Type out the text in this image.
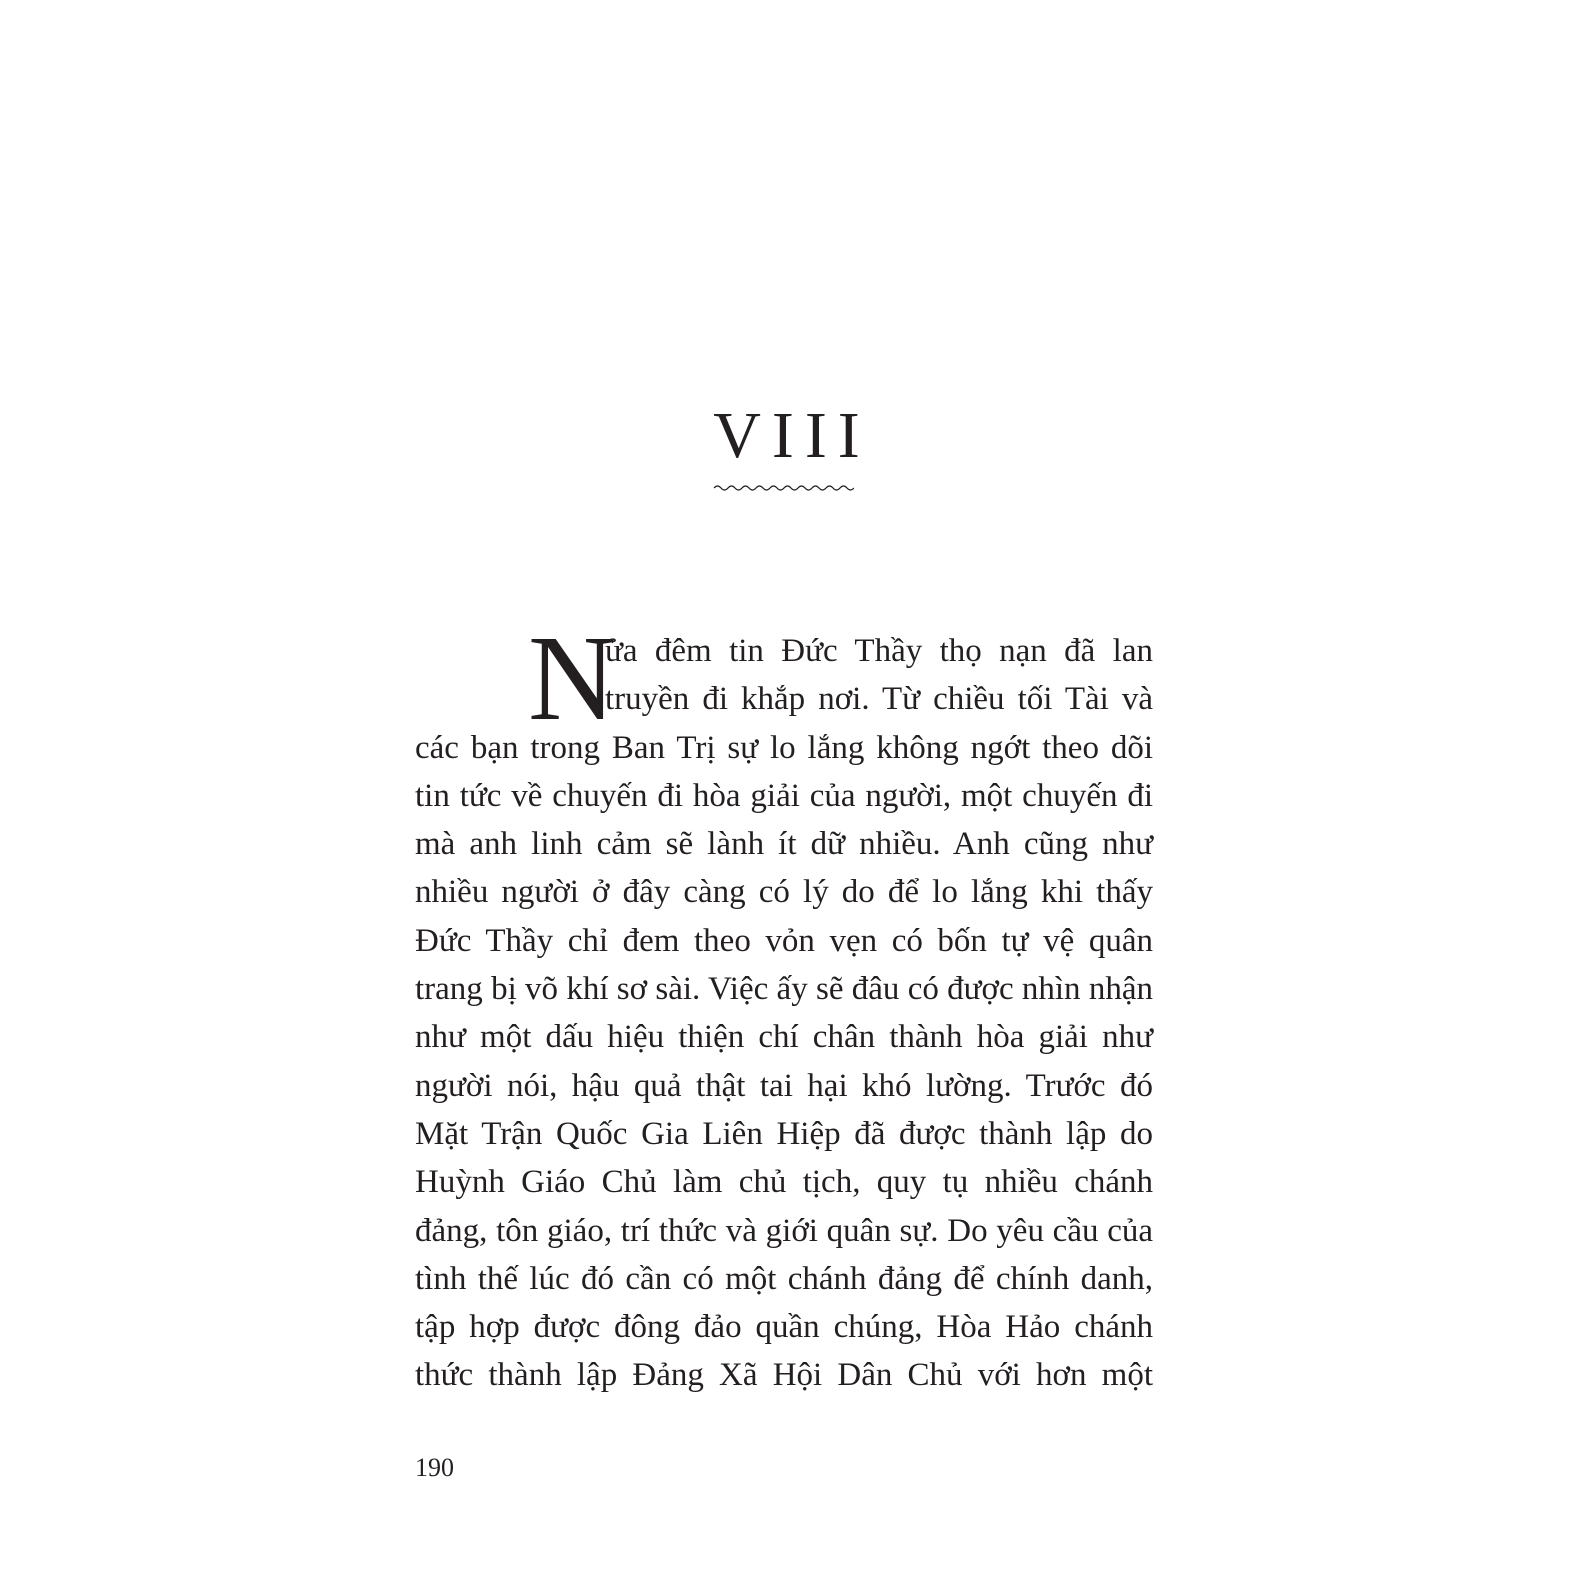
VIII
N
ửa đêm tin Đức Thầy thọ nạn đã lan
truyền đi khắp nơi. Từ chiều tối Tài và
các bạn trong Ban Trị sự lo lắng không ngớt theo dõi
tin tức về chuyến đi hòa giải của người, một chuyến đi
mà anh linh cảm sẽ lành ít dữ nhiều. Anh cũng như
nhiều người ở đây càng có lý do để lo lắng khi thấy
Đức Thầy chỉ đem theo vỏn vẹn có bốn tự vệ quân
trang bị võ khí sơ sài. Việc ấy sẽ đâu có được nhìn nhận
như một dấu hiệu thiện chí chân thành hòa giải như
người nói, hậu quả thật tai hại khó lường. Trước đó
Mặt Trận Quốc Gia Liên Hiệp đã được thành lập do
Huỳnh Giáo Chủ làm chủ tịch, quy tụ nhiều chánh
đảng, tôn giáo, trí thức và giới quân sự. Do yêu cầu của
tình thế lúc đó cần có một chánh đảng để chính danh,
tập hợp được đông đảo quần chúng, Hòa Hảo chánh
thức thành lập Đảng Xã Hội Dân Chủ với hơn một
190
